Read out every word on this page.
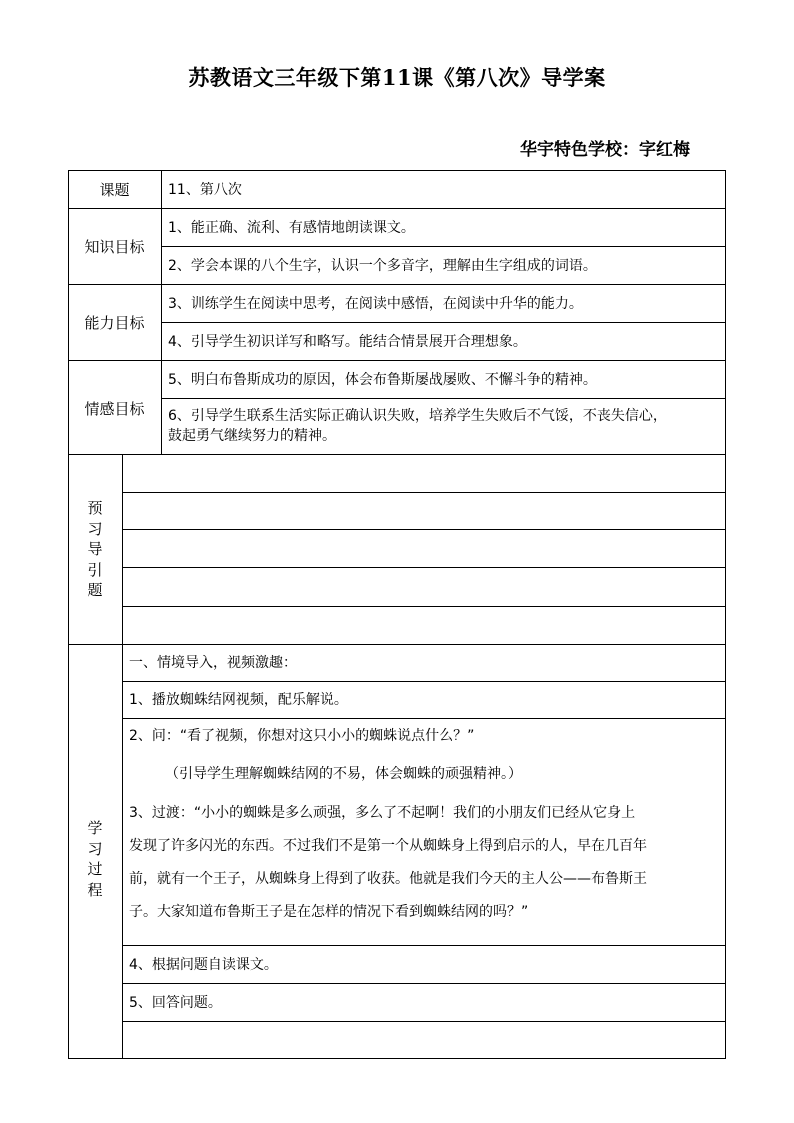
苏教语文三年级下第11课《第八次》导学案
华宇特色学校：字红梅
课题	11、第八次
知识目标
1、能正确、流利、有感情地朗读课文。
2、学会本课的八个生字，认识一个多音字，理解由生字组成的词语。
能力目标
3、训练学生在阅读中思考，在阅读中感悟，在阅读中升华的能力。
4、引导学生初识详写和略写。能结合情景展开合理想象。
情感目标
5、明白布鲁斯成功的原因，体会布鲁斯屡战屡败、不懈斗争的精神。
6、引导学生联系生活实际正确认识失败，培养学生失败后不气馁，不丧失信心，
鼓起勇气继续努力的精神。
预
习
导
引
题
学
习
过
程
一、情境导入，视频激趣：
1、播放蜘蛛结网视频，配乐解说。
2、问：“看了视频，你想对这只小小的蜘蛛说点什么？”
（引导学生理解蜘蛛结网的不易，体会蜘蛛的顽强精神。）
3、过渡：“小小的蜘蛛是多么顽强，多么了不起啊！我们的小朋友们已经从它身上
发现了许多闪光的东西。不过我们不是第一个从蜘蛛身上得到启示的人，早在几百年
前，就有一个王子，从蜘蛛身上得到了收获。他就是我们今天的主人公——布鲁斯王
子。大家知道布鲁斯王子是在怎样的情况下看到蜘蛛结网的吗？”
4、根据问题自读课文。
5、回答问题。
